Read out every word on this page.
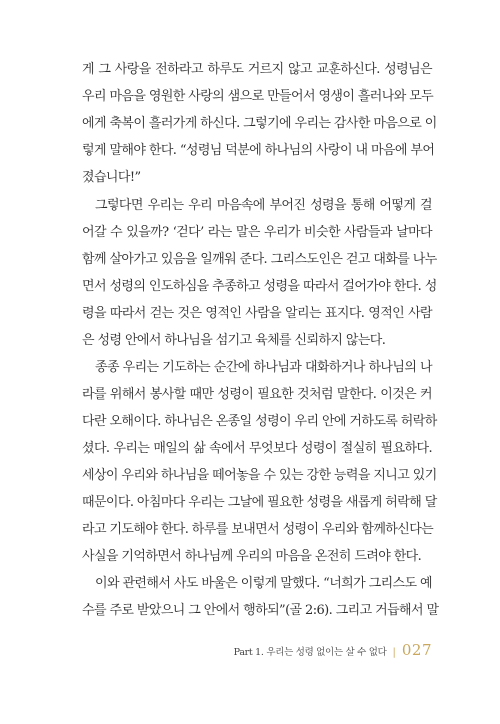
게 그 사랑을 전하라고 하루도 거르지 않고 교훈하신다. 성령님은
우리 마음을 영원한 사랑의 샘으로 만들어서 영생이 흘러나와 모두
에게 축복이 흘러가게 하신다. 그렇기에 우리는 감사한 마음으로 이
렇게 말해야 한다. “성령님 덕분에 하나님의 사랑이 내 마음에 부어
졌습니다!”
그렇다면 우리는 우리 마음속에 부어진 성령을 통해 어떻게 걸
어갈 수 있을까? ‘걷다’ 라는 말은 우리가 비슷한 사람들과 날마다
함께 살아가고 있음을 일깨워 준다. 그리스도인은 걷고 대화를 나누
면서 성령의 인도하심을 추종하고 성령을 따라서 걸어가야 한다. 성
령을 따라서 걷는 것은 영적인 사람을 알리는 표지다. 영적인 사람
은 성령 안에서 하나님을 섬기고 육체를 신뢰하지 않는다.
종종 우리는 기도하는 순간에 하나님과 대화하거나 하나님의 나
라를 위해서 봉사할 때만 성령이 필요한 것처럼 말한다. 이것은 커
다란 오해이다. 하나님은 온종일 성령이 우리 안에 거하도록 허락하
셨다. 우리는 매일의 삶 속에서 무엇보다 성령이 절실히 필요하다.
세상이 우리와 하나님을 떼어놓을 수 있는 강한 능력을 지니고 있기
때문이다. 아침마다 우리는 그날에 필요한 성령을 새롭게 허락해 달
라고 기도해야 한다. 하루를 보내면서 성령이 우리와 함께하신다는
사실을 기억하면서 하나님께 우리의 마음을 온전히 드려야 한다.
이와 관련해서 사도 바울은 이렇게 말했다. “너희가 그리스도 예
수를 주로 받았으니 그 안에서 행하되”(골 2:6). 그리고 거듭해서 말
Part 1. 우리는 성령 없이는 살 수 없다 | 027
